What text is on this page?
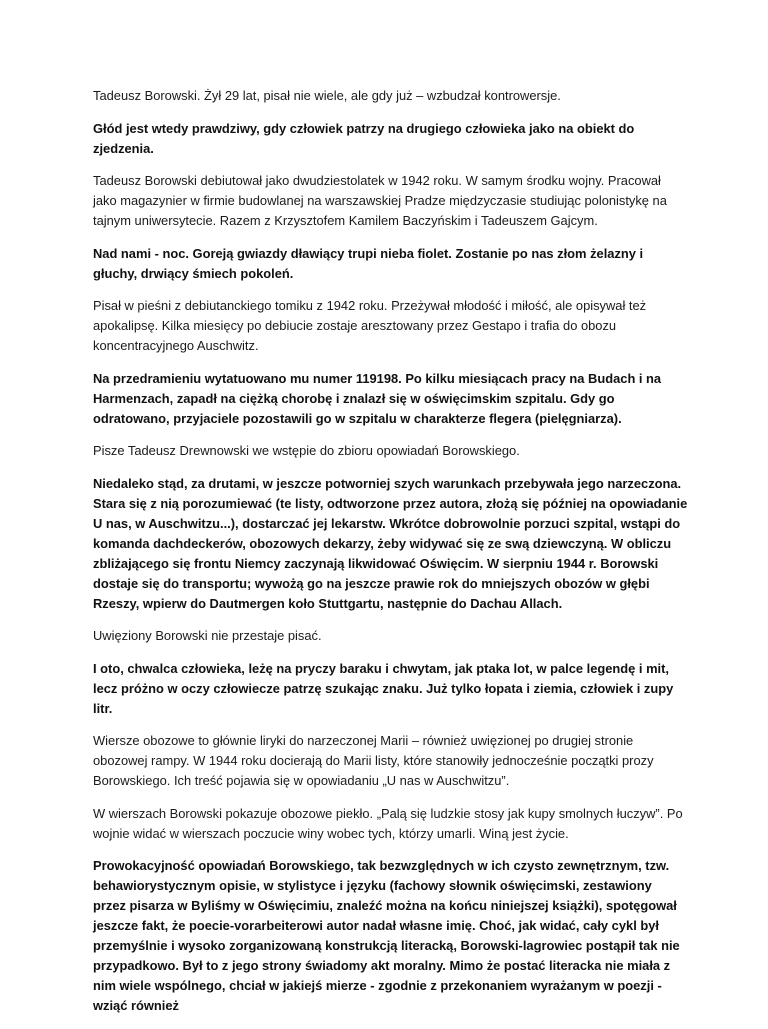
Tadeusz Borowski. Żył 29 lat, pisał nie wiele, ale gdy już – wzbudzał kontrowersje.

Głód jest wtedy prawdziwy, gdy człowiek patrzy na drugiego człowieka jako na obiekt do zjedzenia.

Tadeusz Borowski debiutował jako dwudziestolatek w 1942 roku. W samym środku wojny. Pracował jako magazynier w firmie budowlanej na warszawskiej Pradze międzyczasie studiując polonistykę na tajnym uniwersytecie. Razem z Krzysztofem Kamilem Baczyńskim i Tadeuszem Gajcym.

Nad nami - noc. Goreją gwiazdy dławiący trupi nieba fiolet. Zostanie po nas złom żelazny i głuchy, drwiący śmiech pokoleń.

Pisał w pieśni z debiutanckiego tomiku z 1942 roku. Przeżywał młodość i miłość, ale opisywał też apokalipsę. Kilka miesięcy po debiucie zostaje aresztowany przez Gestapo i trafia do obozu koncentracyjnego Auschwitz.

Na przedramieniu wytatuowano mu numer 119198. Po kilku miesiącach pracy na Budach i na Harmenzach, zapadł na ciężką chorobę i znalazł się w oświęcimskim szpitalu. Gdy go odratowano, przyjaciele pozostawili go w szpitalu w charakterze flegera (pielęgniarza).

Pisze Tadeusz Drewnowski we wstępie do zbioru opowiadań Borowskiego.

Niedaleko stąd, za drutami, w jeszcze potworniej szych warunkach przebywała jego narzeczona. Stara się z nią porozumiewać (te listy, odtworzone przez autora, złożą się później na opowiadanie U nas, w Auschwitzu...), dostarczać jej lekarstw. Wkrótce dobrowolnie porzuci szpital, wstąpi do komanda dachdeckerów, obozowych dekarzy, żeby widywać się ze swą dziewczyną. W obliczu zbliżającego się frontu Niemcy zaczynają likwidować Oświęcim. W sierpniu 1944 r. Borowski dostaje się do transportu; wywożą go na jeszcze prawie rok do mniejszych obozów w głębi Rzeszy, wpierw do Dautmergen koło Stuttgartu, następnie do Dachau Allach.

Uwięziony Borowski nie przestaje pisać.

I oto, chwalca człowieka, leżę na pryczy baraku i chwytam, jak ptaka lot, w palce legendę i mit, lecz próżno w oczy człowiecze patrzę szukając znaku. Już tylko łopata i ziemia, człowiek i zupy litr.

Wiersze obozowe to głównie liryki do narzeczonej Marii – również uwięzionej po drugiej stronie obozowej rampy. W 1944 roku docierają do Marii listy, które stanowiły jednocześnie początki prozy Borowskiego. Ich treść pojawia się w opowiadaniu „U nas w Auschwitzu”.

W wierszach Borowski pokazuje obozowe piekło. „Palą się ludzkie stosy jak kupy smolnych łuczyw”. Po wojnie widać w wierszach poczucie winy wobec tych, którzy umarli. Winą jest życie.

Prowokacyjność opowiadań Borowskiego, tak bezwzględnych w ich czysto zewnętrznym, tzw. behawiorystycznym opisie, w stylistyce i języku (fachowy słownik oświęcimski, zestawiony przez pisarza w Byliśmy w Oświęcimiu, znaleźć można na końcu niniejszej książki), spotęgował jeszcze fakt, że poecie-vorarbeiterowi autor nadał własne imię. Choć, jak widać, cały cykl był przemyślnie i wysoko zorganizowaną konstrukcją literacką, Borowski-lagrowiec postąpił tak nie przypadkowo. Był to z jego strony świadomy akt moralny. Mimo że postać literacka nie miała z nim wiele wspólnego, chciał w jakiejś mierze - zgodnie z przekonaniem wyrażanym w poezji - wziąć również
